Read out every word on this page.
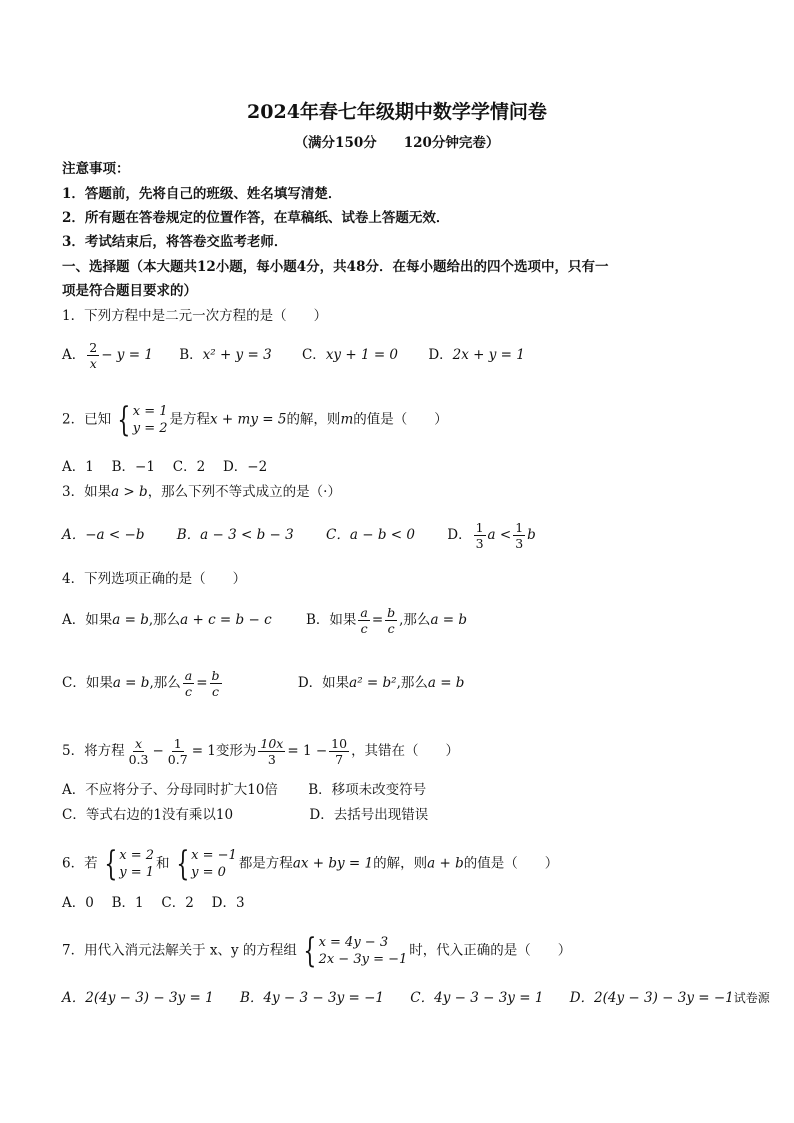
2024年春七年级期中数学学情问卷
（满分150分　　120分钟完卷）
注意事项：
1．答题前，先将自己的班级、姓名填写清楚．
2．所有题在答卷规定的位置作答，在草稿纸、试卷上答题无效．
3．考试结束后，将答卷交监考老师．
一、选择题（本大题共12小题，每小题4分，共48分．在每小题给出的四个选项中，只有一
项是符合题目要求的）
1．下列方程中是二元一次方程的是（　　）
A． $\frac{2}{x} - y = 1$ B．x² + y = 3 C．xy + 1 = 0 D．2x + y = 1
2．已知 { x = 1
y = 2
是方程x + my = 5的解，则m的值是（　　）
A．1　 B．−1　 C．2　 D．−2
3．如果a > b，那么下列不等式成立的是（·）
A．−a < −b B．a − 3 < b − 3 C．a − b < 0 D． $\frac{1}{3}$ $a < \frac{1}{3}$ b
4．下列选项正确的是（　　）
A．如果a = b,那么a + c = b − c	B．如果 $\frac{a}{c} = \frac{b}{c}$ ,那么a = b
C．如果a = b,那么 $\frac{a}{c} = \frac{b}{c}$	D．如果a² = b²,那么a = b
5．将方程 $\frac{x}{0.3} - \frac{1}{0.7} = 1$变形为 $\frac{10x}{3} = 1 - \frac{10}{7}$ ，其错在（　　）
A．不应将分子、分母同时扩大10倍 B．移项未改变符号
C．等式右边的1没有乘以10	D．去括号出现错误
6．若 { x = 2
y = 1
和 { x = −1
y = 0
都是方程ax + by = 1的解，则a + b的值是（　　）
A．0　 B．1　 C．2　 D．3
7．用代入消元法解关于 x、y 的方程组 { x = 4y − 3
2x − 3y = −1
时，代入正确的是（　　）
A．2(4y − 3) − 3y = 1 B．4y − 3 − 3y = −1 C．4y − 3 − 3y = 1 D．2(4y − 3) − 3y = −1试卷源
